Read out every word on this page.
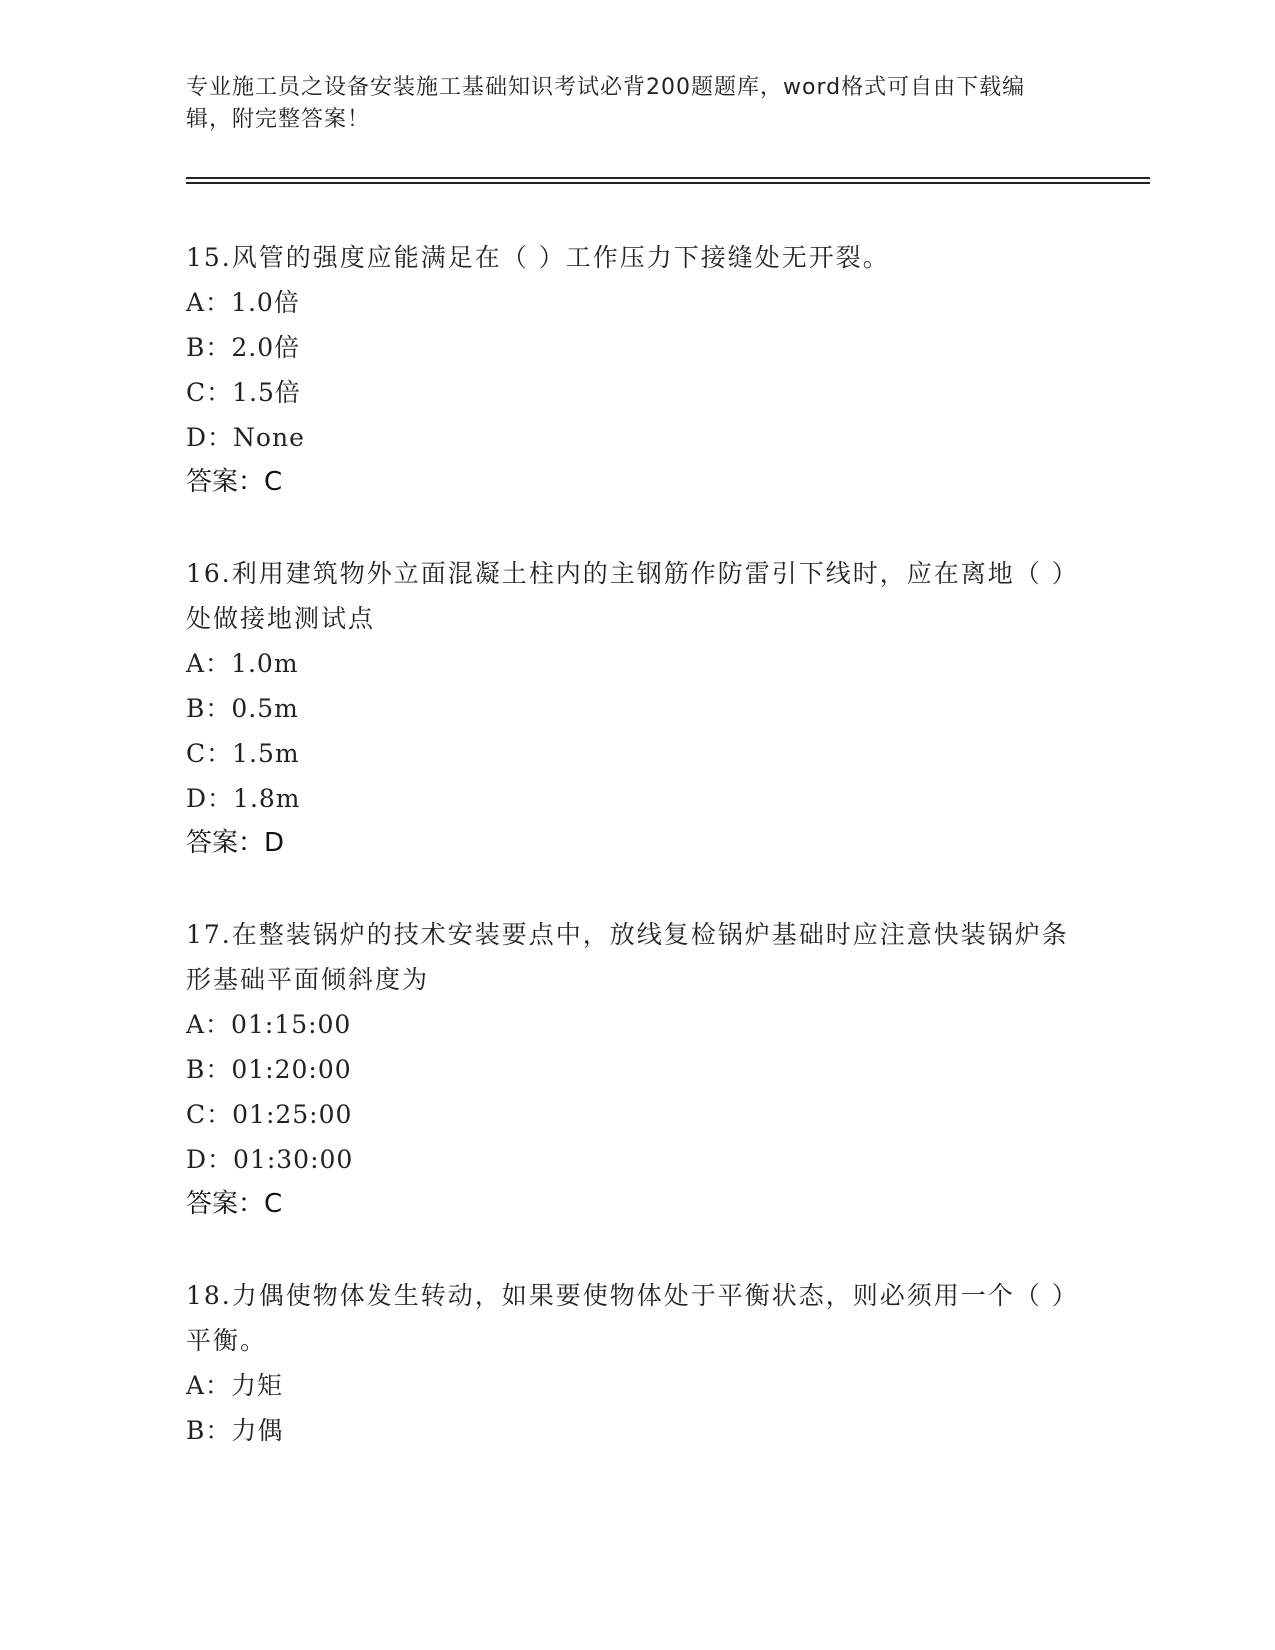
专业施工员之设备安装施工基础知识考试必背200题题库，word格式可自由下载编辑，附完整答案！
15.风管的强度应能满足在（ ）工作压力下接缝处无开裂。
A：1.0倍
B：2.0倍
C：1.5倍
D：None
答案：C
16.利用建筑物外立面混凝土柱内的主钢筋作防雷引下线时，应在离地（ ）处做接地测试点
A：1.0m
B：0.5m
C：1.5m
D：1.8m
答案：D
17.在整装锅炉的技术安装要点中，放线复检锅炉基础时应注意快装锅炉条形基础平面倾斜度为
A：01:15:00
B：01:20:00
C：01:25:00
D：01:30:00
答案：C
18.力偶使物体发生转动，如果要使物体处于平衡状态，则必须用一个（ ）平衡。
A：力矩
B：力偶
